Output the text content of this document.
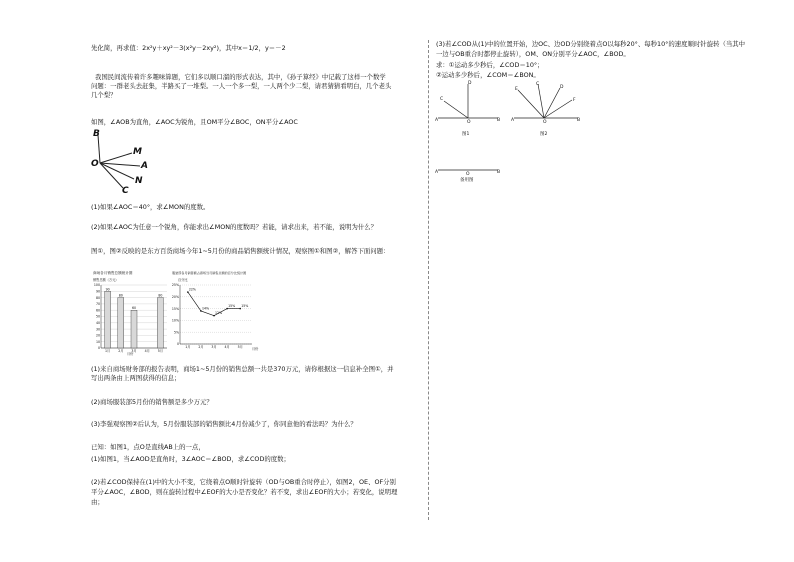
先化简，再求值：2x²y＋xy²－3(x²y－2xy²)，其中x＝1/2，y＝－2
我国民间流传着许多趣味算题，它们多以顺口溜的形式表达，其中，《孙子算经》中记载了这样一个数学
问题：一群老头去赶集，半路买了一堆梨。一人一个多一梨，一人两个少二梨，请君猜猜看明白，几个老头
几个梨？
如图，∠AOB为直角，∠AOC为锐角，且OM平分∠BOC，ON平分∠AOC
B
M
O	A
N
C
(1)如果∠AOC＝40°，求∠MON的度数。
(2)如果∠AOC为任意一个锐角，你能求出∠MON的度数吗？若能，请求出来，若不能，说明为什么？
图①，图②反映的是东方百货商场今年1~5月份的商品销售额统计情况，观察图①和图②，解答下面问题：
商场各月销售总额统计图
销售总额（万元）
月份
0
10
20
30
40
50
60
70
80
90
100
90
1月
80
2月
60
3月 4月
80
5月
服装部各月销售额占商场当月销售总额的百分比统计图
百分比
月份
0
5%
10%
15%
20%
25%
22%
1月
14%
2月
12%
3月
15%
4月
15%
5月
(1)来自商场财务部的报告表明，商场1~5月份的销售总额一共是370万元，请你根据这一信息补全图①，并
写出两条由上两图获得的信息；
(2)商场服装部5月份的销售额是多少万元？
(3)李强观察图②后认为，5月份服装部的销售额比4月份减少了，你同意他的看法吗？为什么？
已知：如图1，点O是直线AB上的一点，
(1)如图1，当∠AOD是直角时，3∠AOC＝∠BOD，求∠COD的度数；
(2)若∠COD保持在(1)中的大小不变，它绕着点O顺时针旋转（OD与OB重合时停止），如图2，OE、OF分别
平分∠AOC，∠BOD，则在旋转过程中∠EOF的大小是否变化？若不变，求出∠EOF的大小；若变化，说明理
由；
(3)若∠COD从(1)中的位置开始，边OC、边OD分别绕着点O以每秒20°、每秒10°的速度顺时针旋转（当其中
一边与OB重合时都停止旋转），OM、ON分别平分∠AOC，∠BOD。
求：①运动多少秒后，∠COD＝10°；
②运动多少秒后，∠COM＝∠BON。
A	O	B
C
D
图1
A	O	B
E
C
D
F
图2
A	O	B
备用图
